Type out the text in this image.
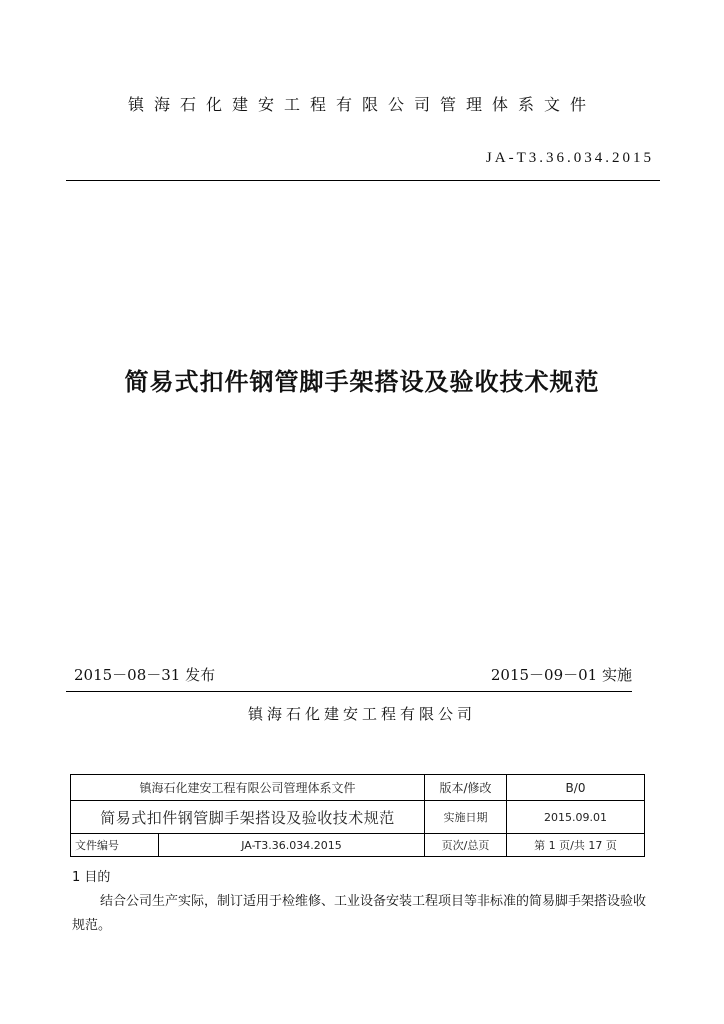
镇海石化建安工程有限公司管理体系文件
JA-T3.36.034.2015
简易式扣件钢管脚手架搭设及验收技术规范
2015－08－31 发布	2015－09－01 实施
镇海石化建安工程有限公司
镇海石化建安工程有限公司管理体系文件		版本/修改	B/0
简易式扣件钢管脚手架搭设及验收技术规范		实施日期	2015.09.01
文件编号	JA-T3.36.034.2015	页次/总页	第 1 页/共 17 页
1 目的
结合公司生产实际，制订适用于检维修、工业设备安装工程项目等非标准的简易脚手架搭设验收规范。
